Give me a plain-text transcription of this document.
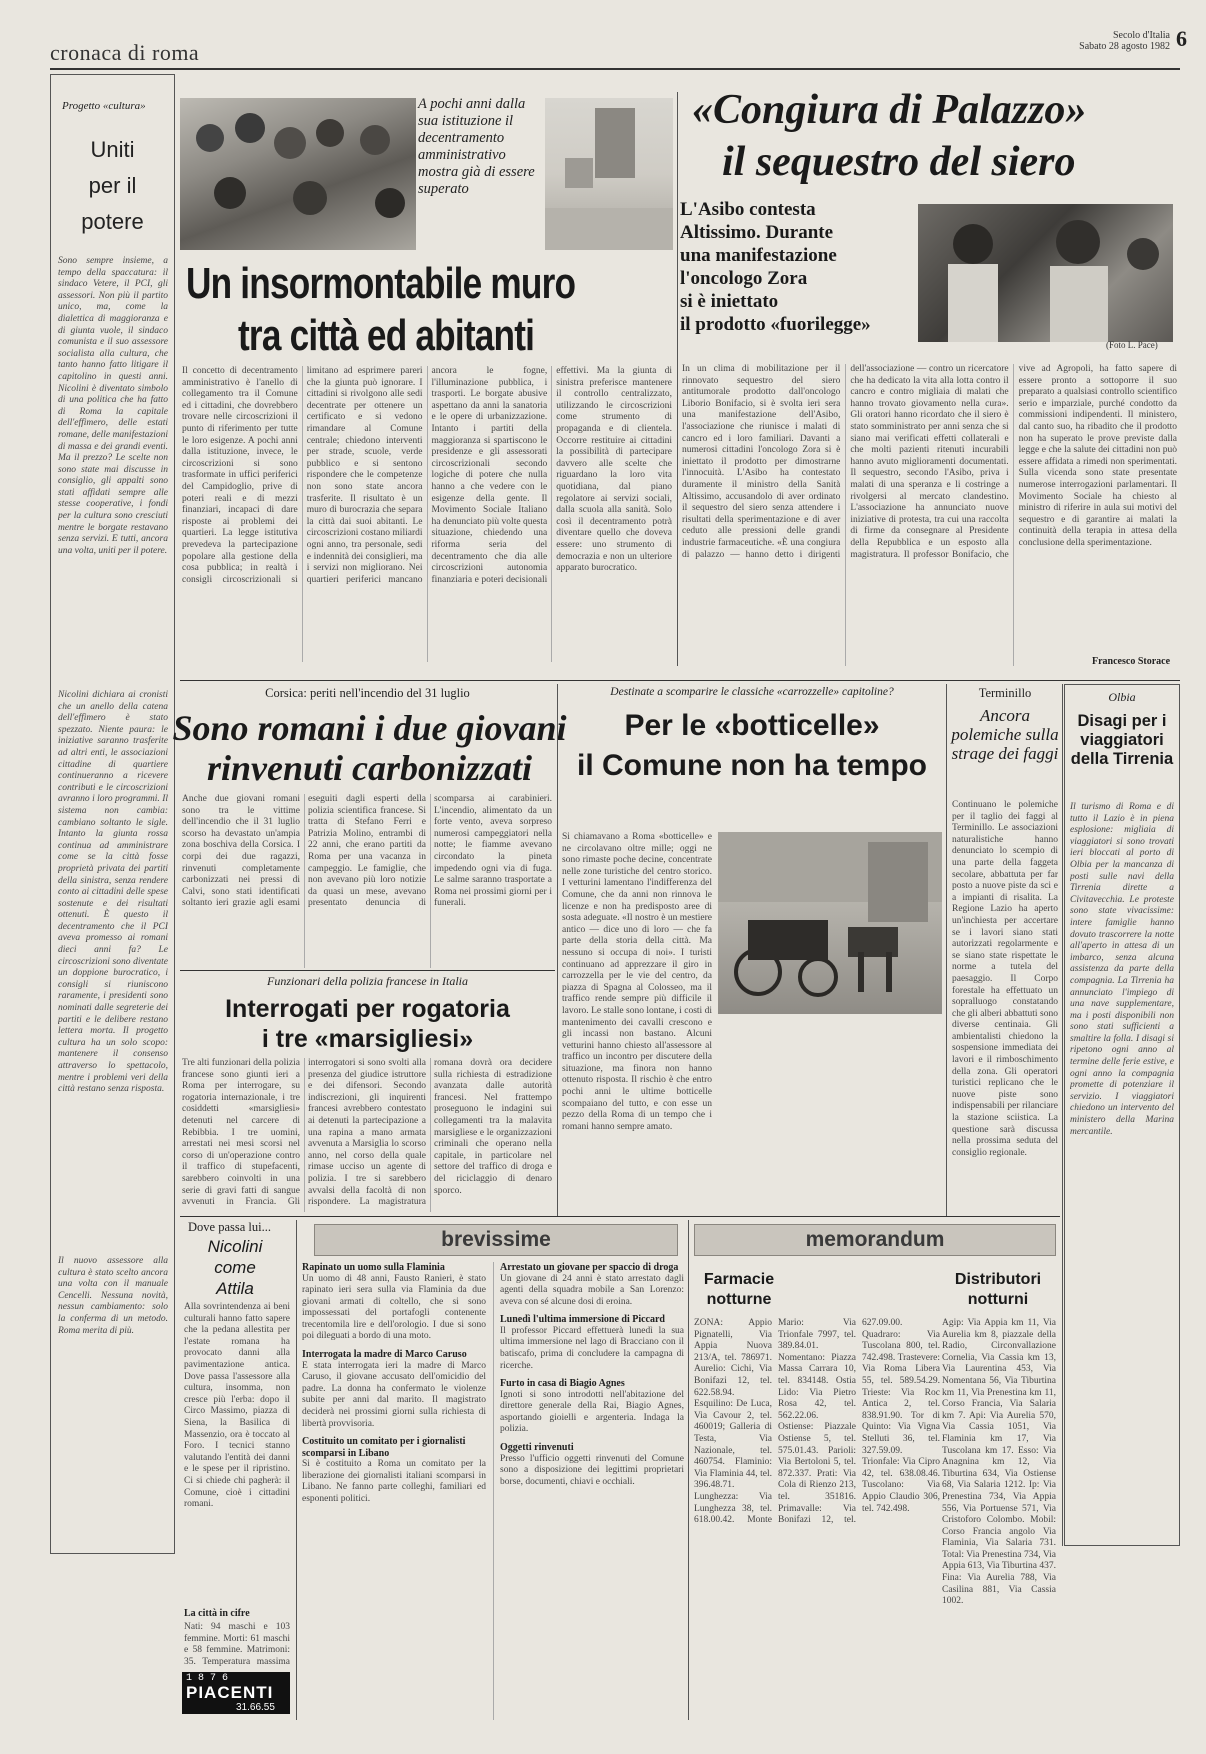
cronaca di roma
Secolo d'Italia
Sabato 28 agosto 1982 6
Progetto «cultura»
Uniti
per il
potere
Sono sempre insieme, a tempo della spaccatura: il sindaco Vetere, il PCI, gli assessori. Non più il partito unico, ma, come la dialettica di maggioranza e di giunta vuole, il sindaco comunista e il suo assessore socialista alla cultura, che tanto hanno fatto litigare il capitolino in questi anni. Nicolini è diventato simbolo di una politica che ha fatto di Roma la capitale dell'effimero, delle estati romane, delle manifestazioni di massa e dei grandi eventi. Ma il prezzo? Le scelte non sono state mai discusse in consiglio, gli appalti sono stati affidati sempre alle stesse cooperative, i fondi per la cultura sono cresciuti mentre le borgate restavano senza servizi. E tutti, ancora una volta, uniti per il potere.
Nicolini dichiara ai cronisti che un anello della catena dell'effimero è stato spezzato. Niente paura: le iniziative saranno trasferite ad altri enti, le associazioni cittadine di quartiere continueranno a ricevere contributi e le circoscrizioni avranno i loro programmi. Il sistema non cambia: cambiano soltanto le sigle. Intanto la giunta rossa continua ad amministrare come se la città fosse proprietà privata dei partiti della sinistra, senza rendere conto ai cittadini delle spese sostenute e dei risultati ottenuti. È questo il decentramento che il PCI aveva promesso ai romani dieci anni fa? Le circoscrizioni sono diventate un doppione burocratico, i consigli si riuniscono raramente, i presidenti sono nominati dalle segreterie dei partiti e le delibere restano lettera morta. Il progetto cultura ha un solo scopo: mantenere il consenso attraverso lo spettacolo, mentre i problemi veri della città restano senza risposta.
Il nuovo assessore alla cultura è stato scelto ancora una volta con il manuale Cencelli. Nessuna novità, nessun cambiamento: solo la conferma di un metodo. Roma merita di più.
A pochi anni dalla sua istituzione il decentramento amministrativo mostra già di essere superato
Un insormontabile muro
tra città ed abitanti
Il concetto di decentramento amministrativo è l'anello di collegamento tra il Comune ed i cittadini, che dovrebbero trovare nelle circoscrizioni il punto di riferimento per tutte le loro esigenze. A pochi anni dalla istituzione, invece, le circoscrizioni si sono trasformate in uffici periferici del Campidoglio, prive di poteri reali e di mezzi finanziari, incapaci di dare risposte ai problemi dei quartieri. La legge istitutiva prevedeva la partecipazione popolare alla gestione della cosa pubblica; in realtà i consigli circoscrizionali si limitano ad esprimere pareri che la giunta può ignorare. I cittadini si rivolgono alle sedi decentrate per ottenere un certificato e si vedono rimandare al Comune centrale; chiedono interventi per strade, scuole, verde pubblico e si sentono rispondere che le competenze non sono state ancora trasferite. Il risultato è un muro di burocrazia che separa la città dai suoi abitanti. Le circoscrizioni costano miliardi ogni anno, tra personale, sedi e indennità dei consiglieri, ma i servizi non migliorano. Nei quartieri periferici mancano ancora le fogne, l'illuminazione pubblica, i trasporti. Le borgate abusive aspettano da anni la sanatoria e le opere di urbanizzazione. Intanto i partiti della maggioranza si spartiscono le presidenze e gli assessorati circoscrizionali secondo logiche di potere che nulla hanno a che vedere con le esigenze della gente. Il Movimento Sociale Italiano ha denunciato più volte questa situazione, chiedendo una riforma seria del decentramento che dia alle circoscrizioni autonomia finanziaria e poteri decisionali effettivi. Ma la giunta di sinistra preferisce mantenere il controllo centralizzato, utilizzando le circoscrizioni come strumento di propaganda e di clientela. Occorre restituire ai cittadini la possibilità di partecipare davvero alle scelte che riguardano la loro vita quotidiana, dal piano regolatore ai servizi sociali, dalla scuola alla sanità. Solo così il decentramento potrà diventare quello che doveva essere: uno strumento di democrazia e non un ulteriore apparato burocratico.
«Congiura di Palazzo»
il sequestro del siero
L'Asibo contesta
Altissimo. Durante
una manifestazione
l'oncologo Zora
si è iniettato
il prodotto «fuorilegge»
(Foto L. Pace)
In un clima di mobilitazione per il rinnovato sequestro del siero antitumorale prodotto dall'oncologo Liborio Bonifacio, si è svolta ieri sera una manifestazione dell'Asibo, l'associazione che riunisce i malati di cancro ed i loro familiari. Davanti a numerosi cittadini l'oncologo Zora si è iniettato il prodotto per dimostrarne l'innocuità. L'Asibo ha contestato duramente il ministro della Sanità Altissimo, accusandolo di aver ordinato il sequestro del siero senza attendere i risultati della sperimentazione e di aver ceduto alle pressioni delle grandi industrie farmaceutiche. «È una congiura di palazzo — hanno detto i dirigenti dell'associazione — contro un ricercatore che ha dedicato la vita alla lotta contro il cancro e contro migliaia di malati che hanno trovato giovamento nella cura». Gli oratori hanno ricordato che il siero è stato somministrato per anni senza che si siano mai verificati effetti collaterali e che molti pazienti ritenuti incurabili hanno avuto miglioramenti documentati. Il sequestro, secondo l'Asibo, priva i malati di una speranza e li costringe a rivolgersi al mercato clandestino. L'associazione ha annunciato nuove iniziative di protesta, tra cui una raccolta di firme da consegnare al Presidente della Repubblica e un esposto alla magistratura. Il professor Bonifacio, che vive ad Agropoli, ha fatto sapere di essere pronto a sottoporre il suo preparato a qualsiasi controllo scientifico serio e imparziale, purché condotto da commissioni indipendenti. Il ministero, dal canto suo, ha ribadito che il prodotto non ha superato le prove previste dalla legge e che la salute dei cittadini non può essere affidata a rimedi non sperimentati. Sulla vicenda sono state presentate numerose interrogazioni parlamentari. Il Movimento Sociale ha chiesto al ministro di riferire in aula sui motivi del sequestro e di garantire ai malati la continuità della terapia in attesa della conclusione della sperimentazione.
Francesco Storace
Corsica: periti nell'incendio del 31 luglio
Sono romani i due giovani
rinvenuti carbonizzati
Anche due giovani romani sono tra le vittime dell'incendio che il 31 luglio scorso ha devastato un'ampia zona boschiva della Corsica. I corpi dei due ragazzi, rinvenuti completamente carbonizzati nei pressi di Calvi, sono stati identificati soltanto ieri grazie agli esami eseguiti dagli esperti della polizia scientifica francese. Si tratta di Stefano Ferri e Patrizia Molino, entrambi di 22 anni, che erano partiti da Roma per una vacanza in campeggio. Le famiglie, che non avevano più loro notizie da quasi un mese, avevano presentato denuncia di scomparsa ai carabinieri. L'incendio, alimentato da un forte vento, aveva sorpreso numerosi campeggiatori nella notte; le fiamme avevano circondato la pineta impedendo ogni via di fuga. Le salme saranno trasportate a Roma nei prossimi giorni per i funerali.
Funzionari della polizia francese in Italia
Interrogati per rogatoria
i tre «marsigliesi»
Tre alti funzionari della polizia francese sono giunti ieri a Roma per interrogare, su rogatoria internazionale, i tre cosiddetti «marsigliesi» detenuti nel carcere di Rebibbia. I tre uomini, arrestati nei mesi scorsi nel corso di un'operazione contro il traffico di stupefacenti, sarebbero coinvolti in una serie di gravi fatti di sangue avvenuti in Francia. Gli interrogatori si sono svolti alla presenza del giudice istruttore e dei difensori. Secondo indiscrezioni, gli inquirenti francesi avrebbero contestato ai detenuti la partecipazione a una rapina a mano armata avvenuta a Marsiglia lo scorso anno, nel corso della quale rimase ucciso un agente di polizia. I tre si sarebbero avvalsi della facoltà di non rispondere. La magistratura romana dovrà ora decidere sulla richiesta di estradizione avanzata dalle autorità francesi. Nel frattempo proseguono le indagini sui collegamenti tra la malavita marsigliese e le organizzazioni criminali che operano nella capitale, in particolare nel settore del traffico di droga e del riciclaggio di denaro sporco.
Destinate a scomparire le classiche «carrozzelle» capitoline?
Per le «botticelle»
il Comune non ha tempo
Si chiamavano a Roma «botticelle» e ne circolavano oltre mille; oggi ne sono rimaste poche decine, concentrate nelle zone turistiche del centro storico. I vetturini lamentano l'indifferenza del Comune, che da anni non rinnova le licenze e non ha predisposto aree di sosta adeguate. «Il nostro è un mestiere antico — dice uno di loro — che fa parte della storia della città. Ma nessuno si occupa di noi». I turisti continuano ad apprezzare il giro in carrozzella per le vie del centro, da piazza di Spagna al Colosseo, ma il traffico rende sempre più difficile il lavoro. Le stalle sono lontane, i costi di mantenimento dei cavalli crescono e gli incassi non bastano. Alcuni vetturini hanno chiesto all'assessore al traffico un incontro per discutere della situazione, ma finora non hanno ottenuto risposta. Il rischio è che entro pochi anni le ultime botticelle scompaiano del tutto, e con esse un pezzo della Roma di un tempo che i romani hanno sempre amato.
Terminillo
Ancora polemiche sulla strage dei faggi
Continuano le polemiche per il taglio dei faggi al Terminillo. Le associazioni naturalistiche hanno denunciato lo scempio di una parte della faggeta secolare, abbattuta per far posto a nuove piste da sci e a impianti di risalita. La Regione Lazio ha aperto un'inchiesta per accertare se i lavori siano stati autorizzati regolarmente e se siano state rispettate le norme a tutela del paesaggio. Il Corpo forestale ha effettuato un sopralluogo constatando che gli alberi abbattuti sono diverse centinaia. Gli ambientalisti chiedono la sospensione immediata dei lavori e il rimboschimento della zona. Gli operatori turistici replicano che le nuove piste sono indispensabili per rilanciare la stazione sciistica. La questione sarà discussa nella prossima seduta del consiglio regionale.
Olbia
Disagi per i viaggiatori della Tirrenia
Il turismo di Roma e di tutto il Lazio è in piena esplosione: migliaia di viaggiatori si sono trovati ieri bloccati al porto di Olbia per la mancanza di posti sulle navi della Tirrenia dirette a Civitavecchia. Le proteste sono state vivacissime: intere famiglie hanno dovuto trascorrere la notte all'aperto in attesa di un imbarco, senza alcuna assistenza da parte della compagnia. La Tirrenia ha annunciato l'impiego di una nave supplementare, ma i posti disponibili non sono stati sufficienti a smaltire la folla. I disagi si ripetono ogni anno al termine delle ferie estive, e ogni anno la compagnia promette di potenziare il servizio. I viaggiatori chiedono un intervento del ministero della Marina mercantile.
Dove passa lui...
Nicolini
come
Attila
Alla sovrintendenza ai beni culturali hanno fatto sapere che la pedana allestita per l'estate romana ha provocato danni alla pavimentazione antica. Dove passa l'assessore alla cultura, insomma, non cresce più l'erba: dopo il Circo Massimo, piazza di Siena, la Basilica di Massenzio, ora è toccato al Foro. I tecnici stanno valutando l'entità dei danni e le spese per il ripristino. Ci si chiede chi pagherà: il Comune, cioè i cittadini romani.
La città in cifre
Nati: 94 maschi e 103 femmine. Morti: 61 maschi e 58 femmine. Matrimoni: 35. Temperatura massima
1876
PIACENTI
31.66.55
brevissime
Rapinato un uomo sulla Flaminia
Un uomo di 48 anni, Fausto Ranieri, è stato rapinato ieri sera sulla via Flaminia da due giovani armati di coltello, che si sono impossessati del portafogli contenente trecentomila lire e dell'orologio. I due si sono poi dileguati a bordo di una moto.
Interrogata la madre di Marco Caruso
È stata interrogata ieri la madre di Marco Caruso, il giovane accusato dell'omicidio del padre. La donna ha confermato le violenze subite per anni dal marito. Il magistrato deciderà nei prossimi giorni sulla richiesta di libertà provvisoria.
Costituito un comitato per i giornalisti scomparsi in Libano
Si è costituito a Roma un comitato per la liberazione dei giornalisti italiani scomparsi in Libano. Ne fanno parte colleghi, familiari ed esponenti politici.
Arrestato un giovane per spaccio di droga
Un giovane di 24 anni è stato arrestato dagli agenti della squadra mobile a San Lorenzo: aveva con sé alcune dosi di eroina.
Lunedì l'ultima immersione di Piccard
Il professor Piccard effettuerà lunedì la sua ultima immersione nel lago di Bracciano con il batiscafo, prima di concludere la campagna di ricerche.
Furto in casa di Biagio Agnes
Ignoti si sono introdotti nell'abitazione del direttore generale della Rai, Biagio Agnes, asportando gioielli e argenteria. Indaga la polizia.
Oggetti rinvenuti
Presso l'ufficio oggetti rinvenuti del Comune sono a disposizione dei legittimi proprietari borse, documenti, chiavi e occhiali.
memorandum
Farmacie notturne
ZONA: Appio Pignatelli, Via Appia Nuova 213/A, tel. 786971. Aurelio: Cichi, Via Bonifazi 12, tel. 622.58.94. Esquilino: De Luca, Via Cavour 2, tel. 460019; Galleria di Testa, Via Nazionale, tel. 460754. Flaminio: Via Flaminia 44, tel. 396.48.71. Lunghezza: Via Lunghezza 38, tel. 618.00.42. Monte Mario: Via Trionfale 7997, tel. 389.84.01. Nomentano: Piazza Massa Carrara 10, tel. 834148. Ostia Lido: Via Pietro Rosa 42, tel. 562.22.06. Ostiense: Piazzale Ostiense 5, tel. 575.01.43. Parioli: Via Bertoloni 5, tel. 872.337. Prati: Via Cola di Rienzo 213, tel. 351816. Primavalle: Via Bonifazi 12, tel. 627.09.00. Quadraro: Via Tuscolana 800, tel. 742.498. Trastevere: Via Roma Libera 55, tel. 589.54.29. Trieste: Via Roc Antica 2, tel. 838.91.90. Tor di Quinto: Via Vigna Stelluti 36, tel. 327.59.09. Trionfale: Via Cipro 42, tel. 638.08.46. Tuscolano: Via Appio Claudio 306, tel. 742.498.
Distributori notturni
Agip: Via Appia km 11, Via Aurelia km 8, piazzale della Radio, Circonvallazione Cornelia, Via Cassia km 13, Via Laurentina 453, Via Nomentana 56, Via Tiburtina km 11, Via Prenestina km 11, Corso Francia, Via Salaria km 7. Api: Via Aurelia 570, Via Cassia 1051, Via Flaminia km 17, Via Tuscolana km 17. Esso: Via Anagnina km 12, Via Tiburtina 634, Via Ostiense 68, Via Salaria 1212. Ip: Via Prenestina 734, Via Appia 556, Via Portuense 571, Via Cristoforo Colombo. Mobil: Corso Francia angolo Via Flaminia, Via Salaria 731. Total: Via Prenestina 734, Via Appia 613, Via Tiburtina 437. Fina: Via Aurelia 788, Via Casilina 881, Via Cassia 1002.
